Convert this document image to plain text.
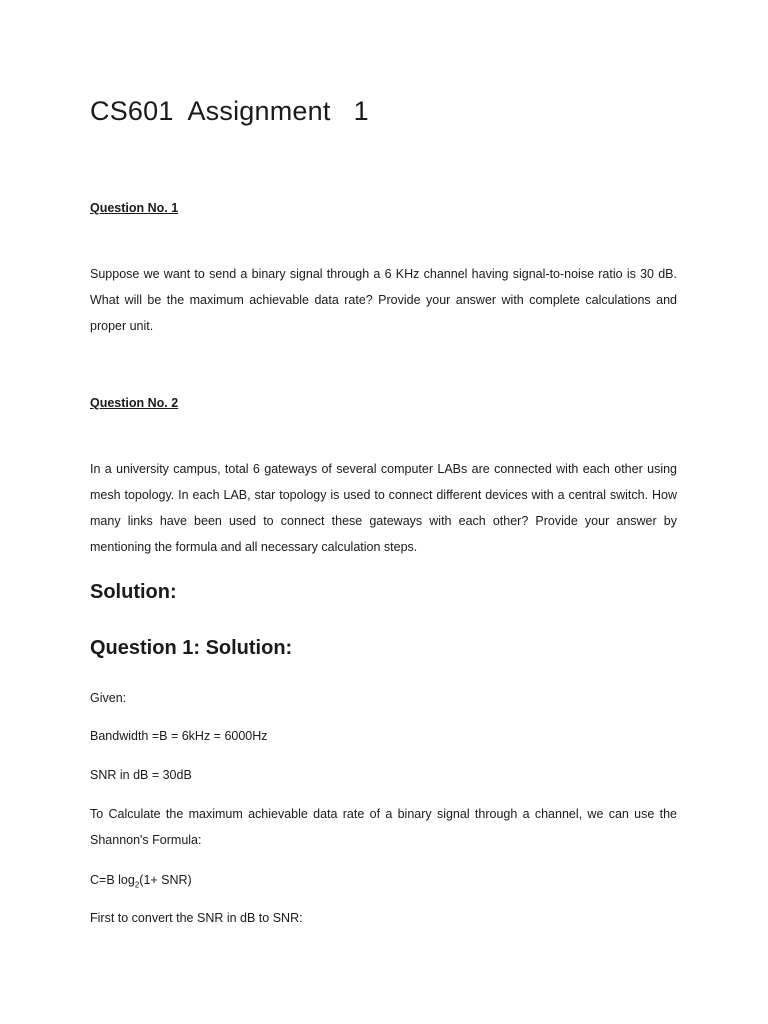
CS601  Assignment   1

Question No. 1

Suppose we want to send a binary signal through a 6 KHz channel having signal-to-noise ratio is 30 dB. What will be the maximum achievable data rate? Provide your answer with complete calculations and proper unit.

Question No. 2

In a university campus, total 6 gateways of several computer LABs are connected with each other using mesh topology. In each LAB, star topology is used to connect different devices with a central switch. How many links have been used to connect these gateways with each other? Provide your answer by mentioning the formula and all necessary calculation steps.

Solution:
Question 1: Solution:

Given:

Bandwidth =B = 6kHz = 6000Hz

SNR in dB = 30dB

To Calculate the maximum achievable data rate of a binary signal through a channel, we can use the Shannon's Formula:

C=B $\log_2(1+ SNR)$

First to convert the SNR in dB to SNR:
